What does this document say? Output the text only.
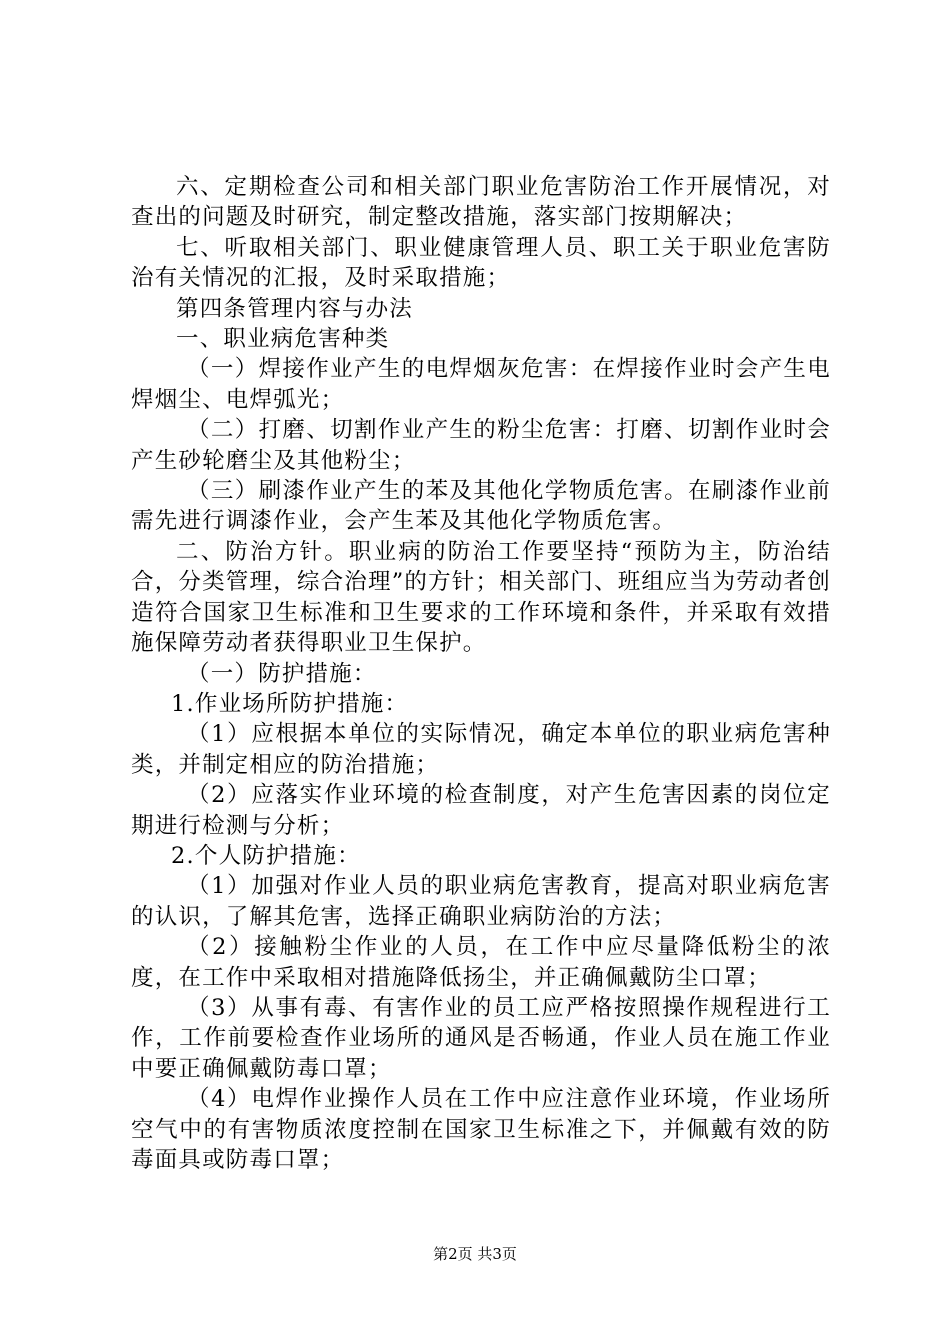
六、定期检查公司和相关部门职业危害防治工作开展情况，对查出的问题及时研究，制定整改措施，落实部门按期解决；

七、听取相关部门、职业健康管理人员、职工关于职业危害防治有关情况的汇报，及时采取措施；

第四条管理内容与办法

一、职业病危害种类

（一）焊接作业产生的电焊烟灰危害：在焊接作业时会产生电焊烟尘、电焊弧光；

（二）打磨、切割作业产生的粉尘危害：打磨、切割作业时会产生砂轮磨尘及其他粉尘；

（三）刷漆作业产生的苯及其他化学物质危害。在刷漆作业前需先进行调漆作业，会产生苯及其他化学物质危害。

二、防治方针。职业病的防治工作要坚持“预防为主，防治结合，分类管理，综合治理”的方针；相关部门、班组应当为劳动者创造符合国家卫生标准和卫生要求的工作环境和条件，并采取有效措施保障劳动者获得职业卫生保护。

（一）防护措施：

1.作业场所防护措施：

（1）应根据本单位的实际情况，确定本单位的职业病危害种类，并制定相应的防治措施；

（2）应落实作业环境的检查制度，对产生危害因素的岗位定期进行检测与分析；

2.个人防护措施：

（1）加强对作业人员的职业病危害教育，提高对职业病危害的认识，了解其危害，选择正确职业病防治的方法；

（2）接触粉尘作业的人员，在工作中应尽量降低粉尘的浓度，在工作中采取相对措施降低扬尘，并正确佩戴防尘口罩；

（3）从事有毒、有害作业的员工应严格按照操作规程进行工作，工作前要检查作业场所的通风是否畅通，作业人员在施工作业中要正确佩戴防毒口罩；

（4）电焊作业操作人员在工作中应注意作业环境，作业场所空气中的有害物质浓度控制在国家卫生标准之下，并佩戴有效的防毒面具或防毒口罩；

第2页 共3页
